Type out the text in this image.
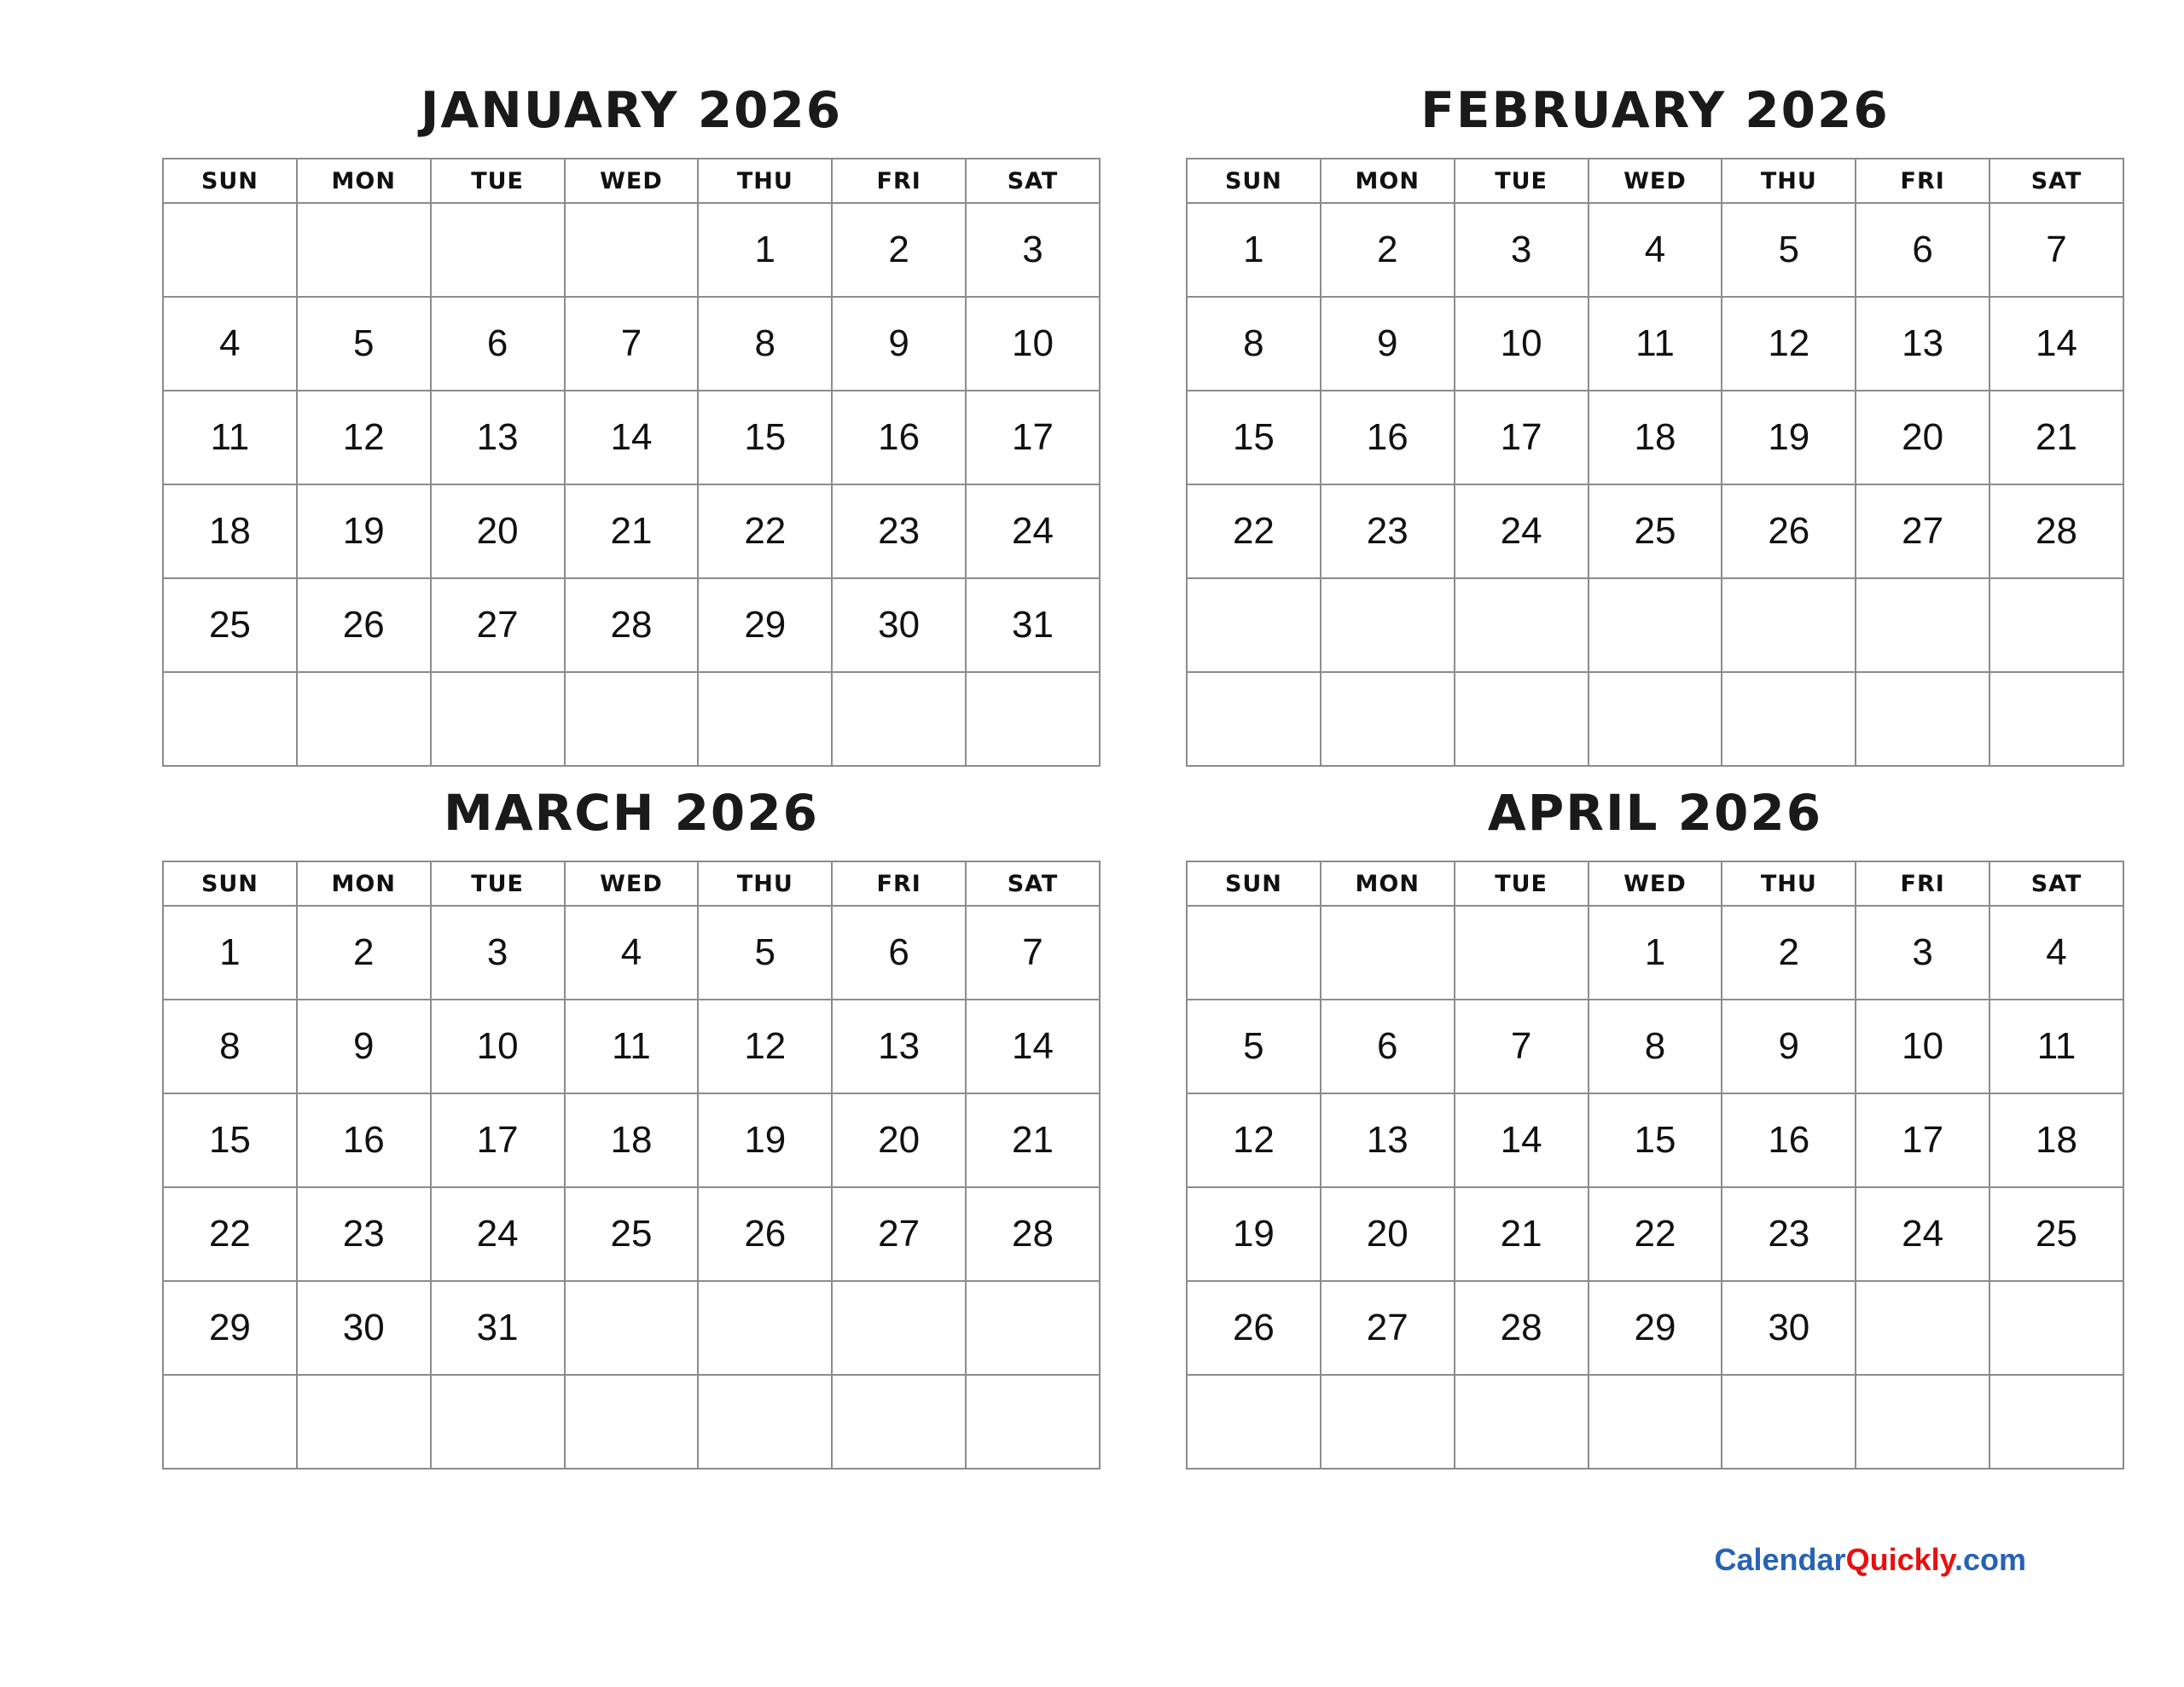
JANUARY 2026
SUN	MON	TUE	WED	THU	FRI	SAT
				1	2	3
4	5	6	7	8	9	10
11	12	13	14	15	16	17
18	19	20	21	22	23	24
25	26	27	28	29	30	31

FEBRUARY 2026
SUN	MON	TUE	WED	THU	FRI	SAT
1	2	3	4	5	6	7
8	9	10	11	12	13	14
15	16	17	18	19	20	21
22	23	24	25	26	27	28

MARCH 2026
SUN	MON	TUE	WED	THU	FRI	SAT
1	2	3	4	5	6	7
8	9	10	11	12	13	14
15	16	17	18	19	20	21
22	23	24	25	26	27	28
29	30	31				

APRIL 2026
SUN	MON	TUE	WED	THU	FRI	SAT
			1	2	3	4
5	6	7	8	9	10	11
12	13	14	15	16	17	18
19	20	21	22	23	24	25
26	27	28	29	30		

CalendarQuickly.com
